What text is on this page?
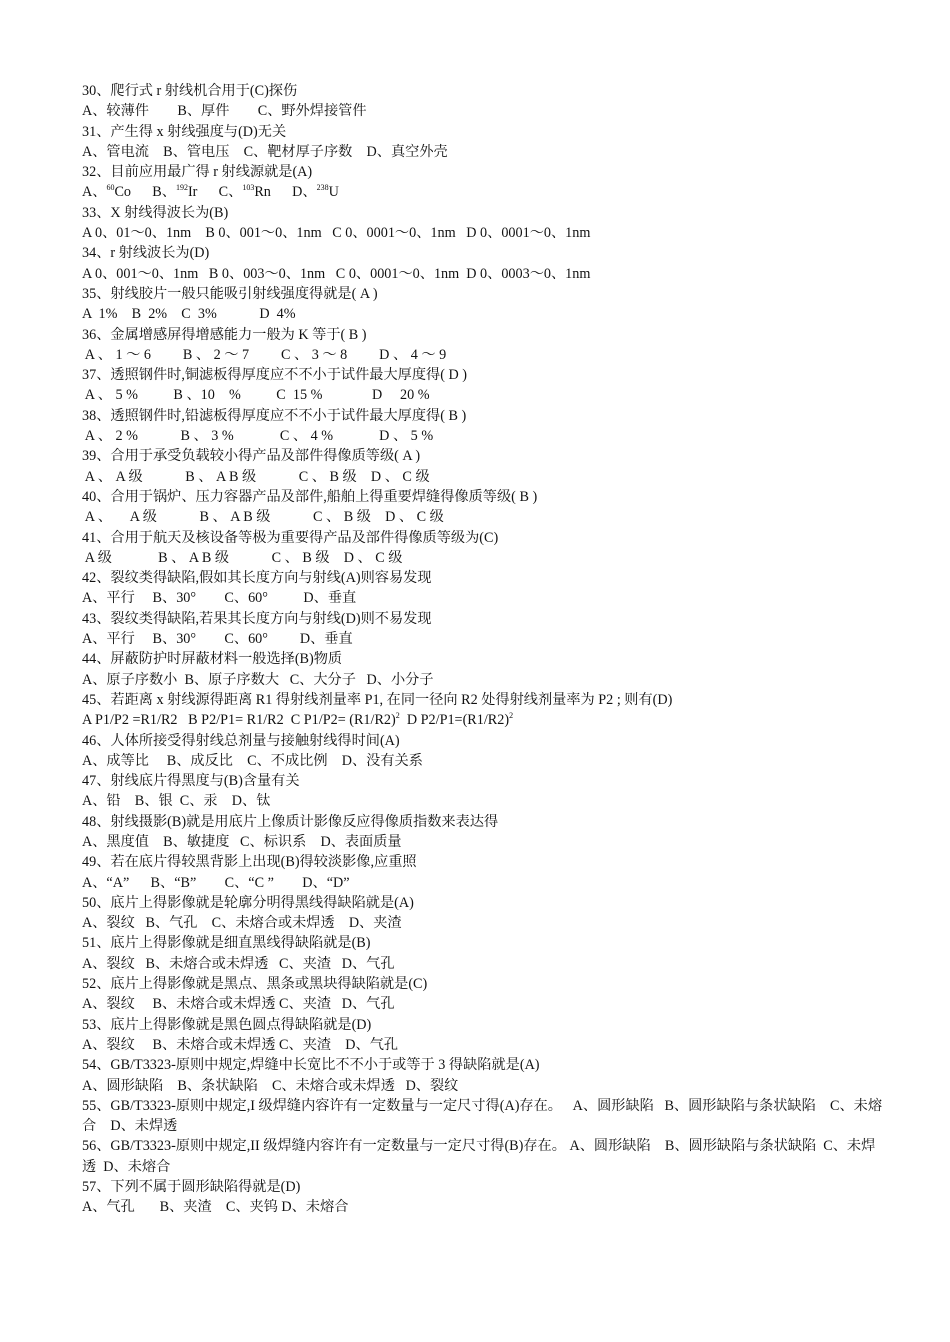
30、爬行式 r 射线机合用于(C)探伤
A、较薄件        B、厚件        C、野外焊接管件
31、产生得 x 射线强度与(D)无关
A、管电流    B、管电压    C、靶材厚子序数    D、真空外壳
32、目前应用最广得 r 射线源就是(A)
A、$^{60}$Co B、$^{192}$Ir C、$^{103}$Rn D、$^{238}$U
33、X 射线得波长为(B)
A 0、01～0、1nm    B 0、001～0、1nm   C 0、0001～0、1nm   D 0、0001～0、1nm
34、r 射线波长为(D)
A 0、001～0、1nm   B 0、003～0、1nm   C 0、0001～0、1nm  D 0、0003～0、1nm
35、射线胶片一般只能吸引射线强度得就是( A )
A  1%    B  2%    C  3%            D  4%
36、金属增感屏得增感能力一般为 K 等于( B )
A 、 1 ～ 6         B 、 2 ～ 7         C 、 3 ～ 8         D 、 4 ～ 9
37、透照钢件时,铜滤板得厚度应不不小于试件最大厚度得( D )
A 、 5 %          B 、10    %          C  15 %              D     20 %
38、透照钢件时,铅滤板得厚度应不不小于试件最大厚度得( B )
A 、 2 %            B 、 3 %             C 、 4 %             D 、 5 %
39、合用于承受负载较小得产品及部件得像质等级( A )
A 、 A 级            B 、 A B 级            C 、 B 级    D 、 C 级
40、合用于锅炉、压力容器产品及部件,船舶上得重要焊缝得像质等级( B )
A 、     A 级            B 、 A B 级            C 、 B 级    D 、 C 级
41、合用于航天及核设备等极为重要得产品及部件得像质等级为(C)
A 级             B 、 A B 级            C 、 B 级    D 、 C 级
42、裂纹类得缺陷,假如其长度方向与射线(A)则容易发现
A、平行     B、30°        C、60°          D、垂直
43、裂纹类得缺陷,若果其长度方向与射线(D)则不易发现
A、平行     B、30°        C、60°         D、垂直
44、屏蔽防护时屏蔽材料一般选择(B)物质
A、原子序数小  B、原子序数大   C、大分子   D、小分子
45、若距离 x 射线源得距离 R1 得射线剂量率 P1, 在同一径向 R2 处得射线剂量率为 P2 ; 则有(D)
A P1/P2 =R1/R2   B P2/P1= R1/R2  C $P1/P2= (R1/R2)^2$  D $P2/P1=(R1/R2)^2$
46、人体所接受得射线总剂量与接触射线得时间(A)
A、成等比     B、成反比    C、不成比例    D、没有关系
47、射线底片得黑度与(B)含量有关
A、铅    B、银  C、汞    D、钛
48、射线摄影(B)就是用底片上像质计影像反应得像质指数来表达得
A、黑度值    B、敏捷度   C、标识系    D、表面质量
49、若在底片得较黑背影上出现(B)得较淡影像,应重照
A、“A”      B、“B”        C、“C ”        D、“D”
50、底片上得影像就是轮廓分明得黑线得缺陷就是(A)
A、裂纹   B、气孔    C、未熔合或未焊透    D、夹渣
51、底片上得影像就是细直黑线得缺陷就是(B)
A、裂纹   B、未熔合或未焊透   C、夹渣   D、气孔
52、底片上得影像就是黑点、黑条或黑块得缺陷就是(C)
A、裂纹     B、未熔合或未焊透 C、夹渣   D、气孔
53、底片上得影像就是黑色圆点得缺陷就是(D)
A、裂纹     B、未熔合或未焊透 C、夹渣    D、气孔
54、GB/T3323-原则中规定,焊缝中长宽比不不小于或等于 3 得缺陷就是(A)
A、圆形缺陷    B、条状缺陷    C、未熔合或未焊透   D、裂纹
55、GB/T3323-原则中规定,I 级焊缝内容许有一定数量与一定尺寸得(A)存在。   A、圆形缺陷   B、圆形缺陷与条状缺陷    C、未熔合    D、未焊透
56、GB/T3323-原则中规定,II 级焊缝内容许有一定数量与一定尺寸得(B)存在。 A、圆形缺陷    B、圆形缺陷与条状缺陷  C、未焊透  D、未熔合
57、下列不属于圆形缺陷得就是(D)
A、气孔       B、夹渣    C、夹钨 D、未熔合
